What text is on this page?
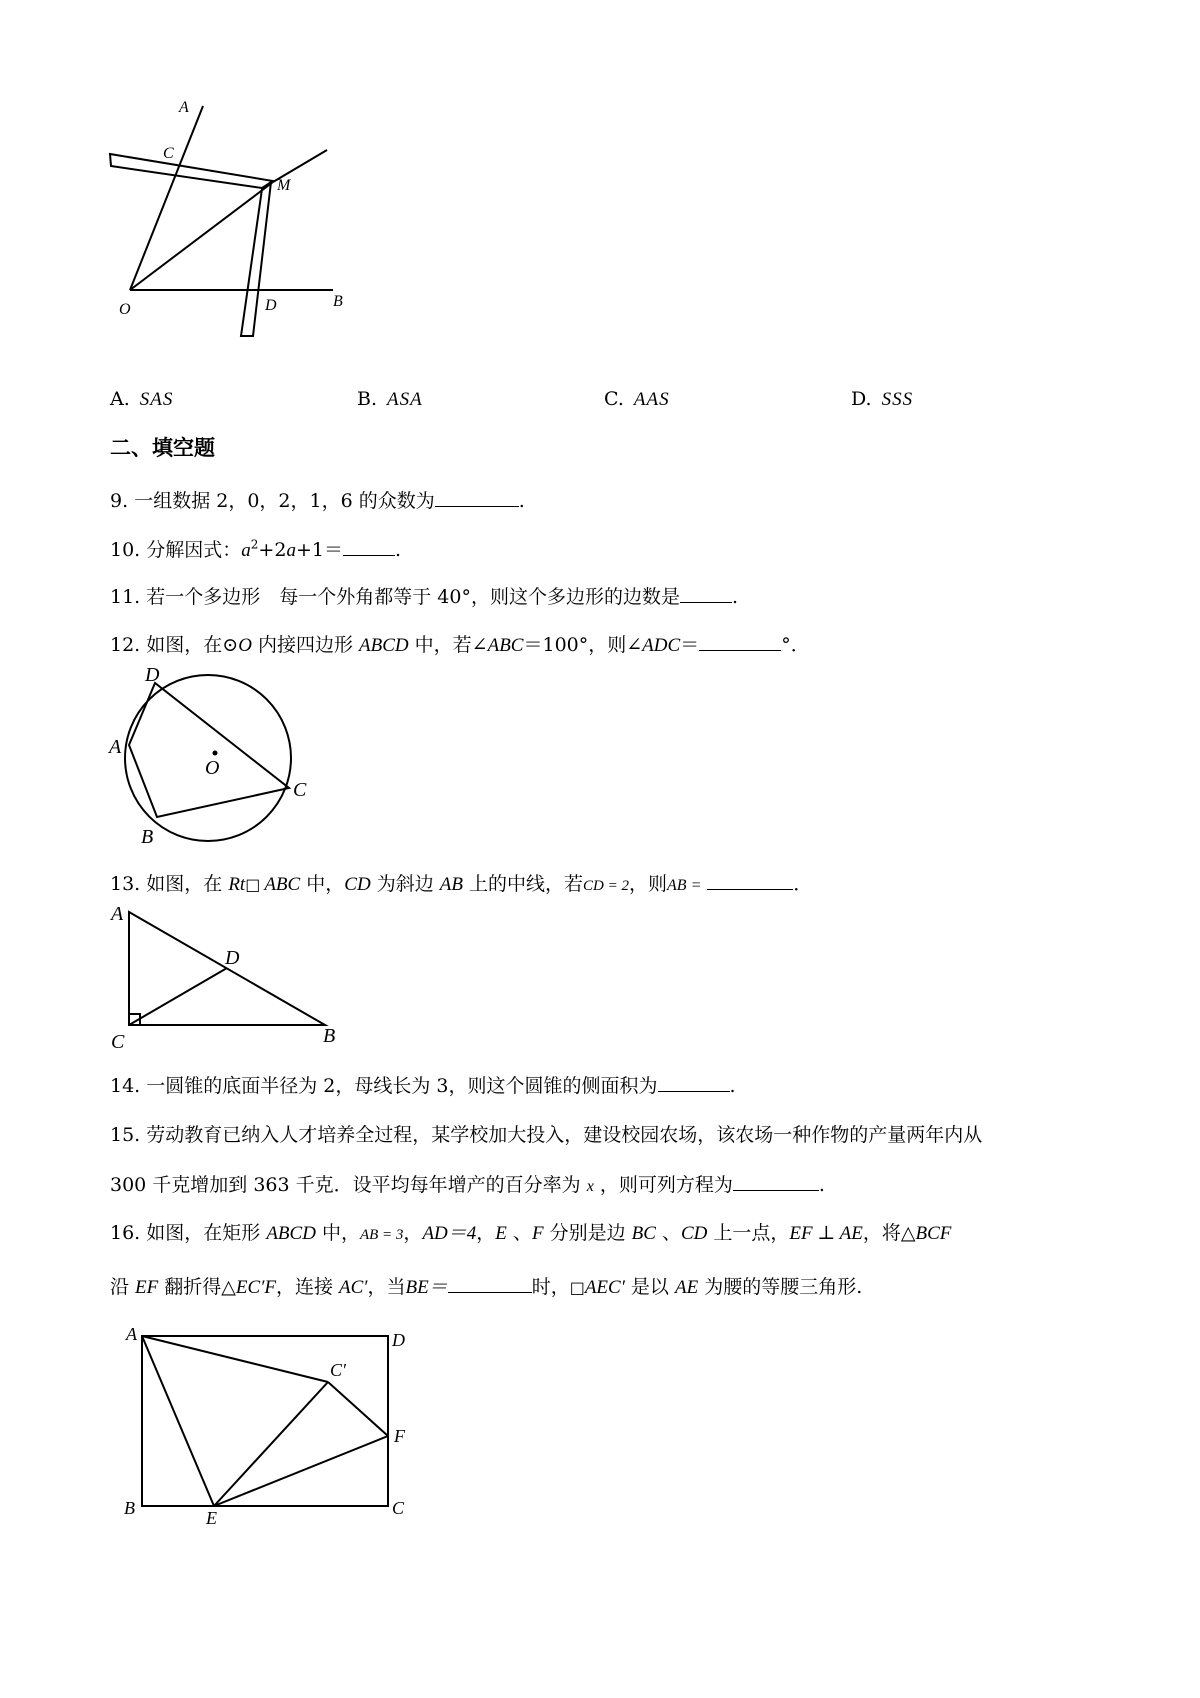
A
C
M
O	D	B
A. SAS	B. ASA	C. AAS	D. SSS
二、填空题
9. 一组数据 2，0，2，1，6 的众数为	.
10. 分解因式：$a^2+2a+1=$	.
11. 若一个多边形　每一个外角都等于 40°，则这个多边形的边数是	.
12. 如图，在⊙O 内接四边形 ABCD 中，若∠ABC＝100°，则∠ADC＝	°．
D
A
O
C
B
13. 如图，在 Rt□ ABC 中，CD 为斜边 AB 上的中线，若CD = 2，则AB =	．
A
D
C	B
14. 一圆锥的底面半径为 2，母线长为 3，则这个圆锥的侧面积为	.
15. 劳动教育已纳入人才培养全过程，某学校加大投入，建设校园农场，该农场一种作物的产量两年内从
300 千克增加到 363 千克．设平均每年增产的百分率为 x ，则可列方程为	.
16. 如图，在矩形 ABCD 中，AB = 3，AD＝4，E 、F 分别是边 BC 、CD 上一点，EF ⊥ AE，将△BCF
沿 EF 翻折得△EC′F，连接 AC′，当BE＝	时，□AEC′ 是以 AE 为腰的等腰三角形.
A	D
C′
F
B	E	C
